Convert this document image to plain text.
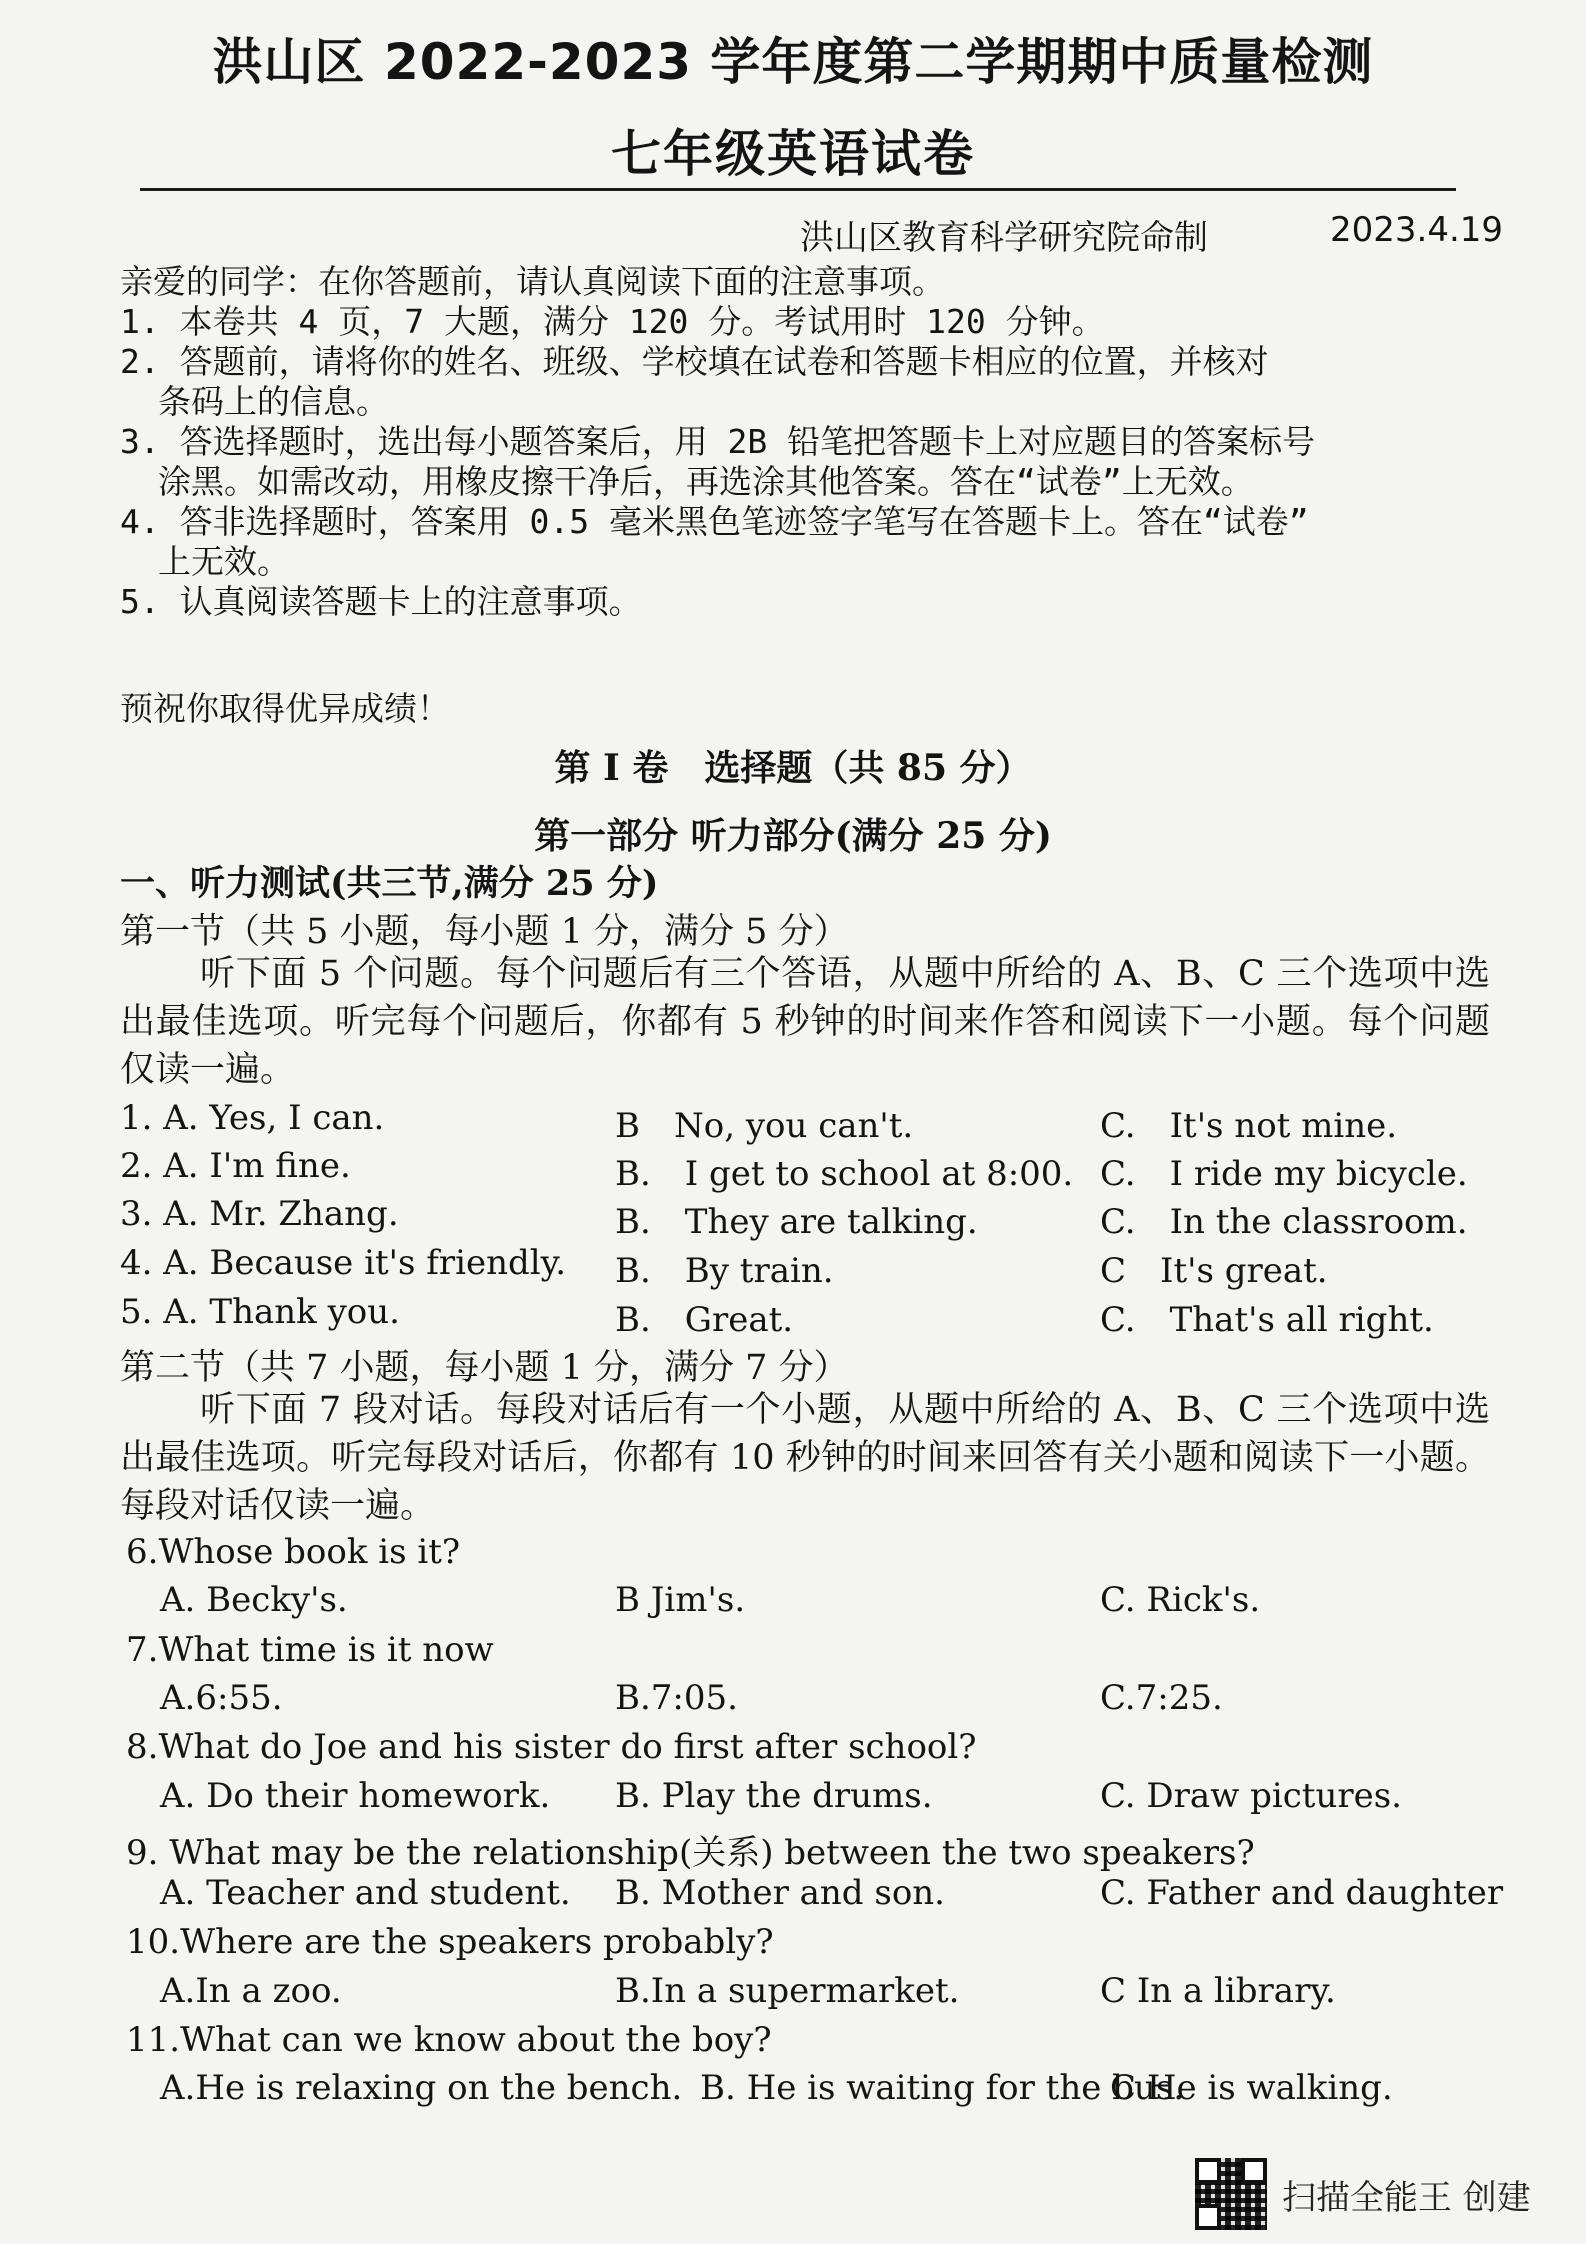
洪山区 2022-2023 学年度第二学期期中质量检测
七年级英语试卷
洪山区教育科学研究院命制	2023.4.19
亲爱的同学：在你答题前，请认真阅读下面的注意事项。
1. 本卷共 4 页，7 大题，满分 120 分。考试用时 120 分钟。
2. 答题前，请将你的姓名、班级、学校填在试卷和答题卡相应的位置，并核对
条码上的信息。
3. 答选择题时，选出每小题答案后，用 2B 铅笔把答题卡上对应题目的答案标号
涂黑。如需改动，用橡皮擦干净后，再选涂其他答案。答在“试卷”上无效。
4. 答非选择题时，答案用 0.5 毫米黑色笔迹签字笔写在答题卡上。答在“试卷”
上无效。
5. 认真阅读答题卡上的注意事项。
预祝你取得优异成绩！
第 I 卷　选择题（共 85 分）
第一部分 听力部分(满分 25 分)
一、听力测试(共三节,满分 25 分)
第一节（共 5 小题，每小题 1 分，满分 5 分）
听下面 5 个问题。每个问题后有三个答语，从题中所给的 A、B、C 三个选项中选出最佳选项。听完每个问题后，你都有 5 秒钟的时间来作答和阅读下一小题。每个问题仅读一遍。
1. A. Yes, I can.	B　No, you can't.	C.　It's not mine.
2. A. I'm fine.	B.　I get to school at 8:00. C.　I ride my bicycle.
3. A. Mr. Zhang.	B.　They are talking.	C.　In the classroom.
4. A. Because it's friendly. B.　By train.	C　It's great.
5. A. Thank you.	B.　Great.	C.　That's all right.
第二节（共 7 小题，每小题 1 分，满分 7 分）
听下面 7 段对话。每段对话后有一个小题，从题中所给的 A、B、C 三个选项中选出最佳选项。听完每段对话后，你都有 10 秒钟的时间来回答有关小题和阅读下一小题。每段对话仅读一遍。
6.Whose book is it?
A. Becky's.	B Jim's.	C. Rick's.
7.What time is it now
A.6:55.	B.7:05.	C.7:25.
8.What do Joe and his sister do first after school?
A. Do their homework. B. Play the drums.	C. Draw pictures.
9. What may be the relationship(关系) between the two speakers?
A. Teacher and student. B. Mother and son.	C. Father and daughter
10.Where are the speakers probably?
A.In a zoo.	B.In a supermarket.	C In a library.
11.What can we know about the boy?
A.He is relaxing on the bench. B. He is waiting for the bus.
C He is walking.
扫描全能王 创建
